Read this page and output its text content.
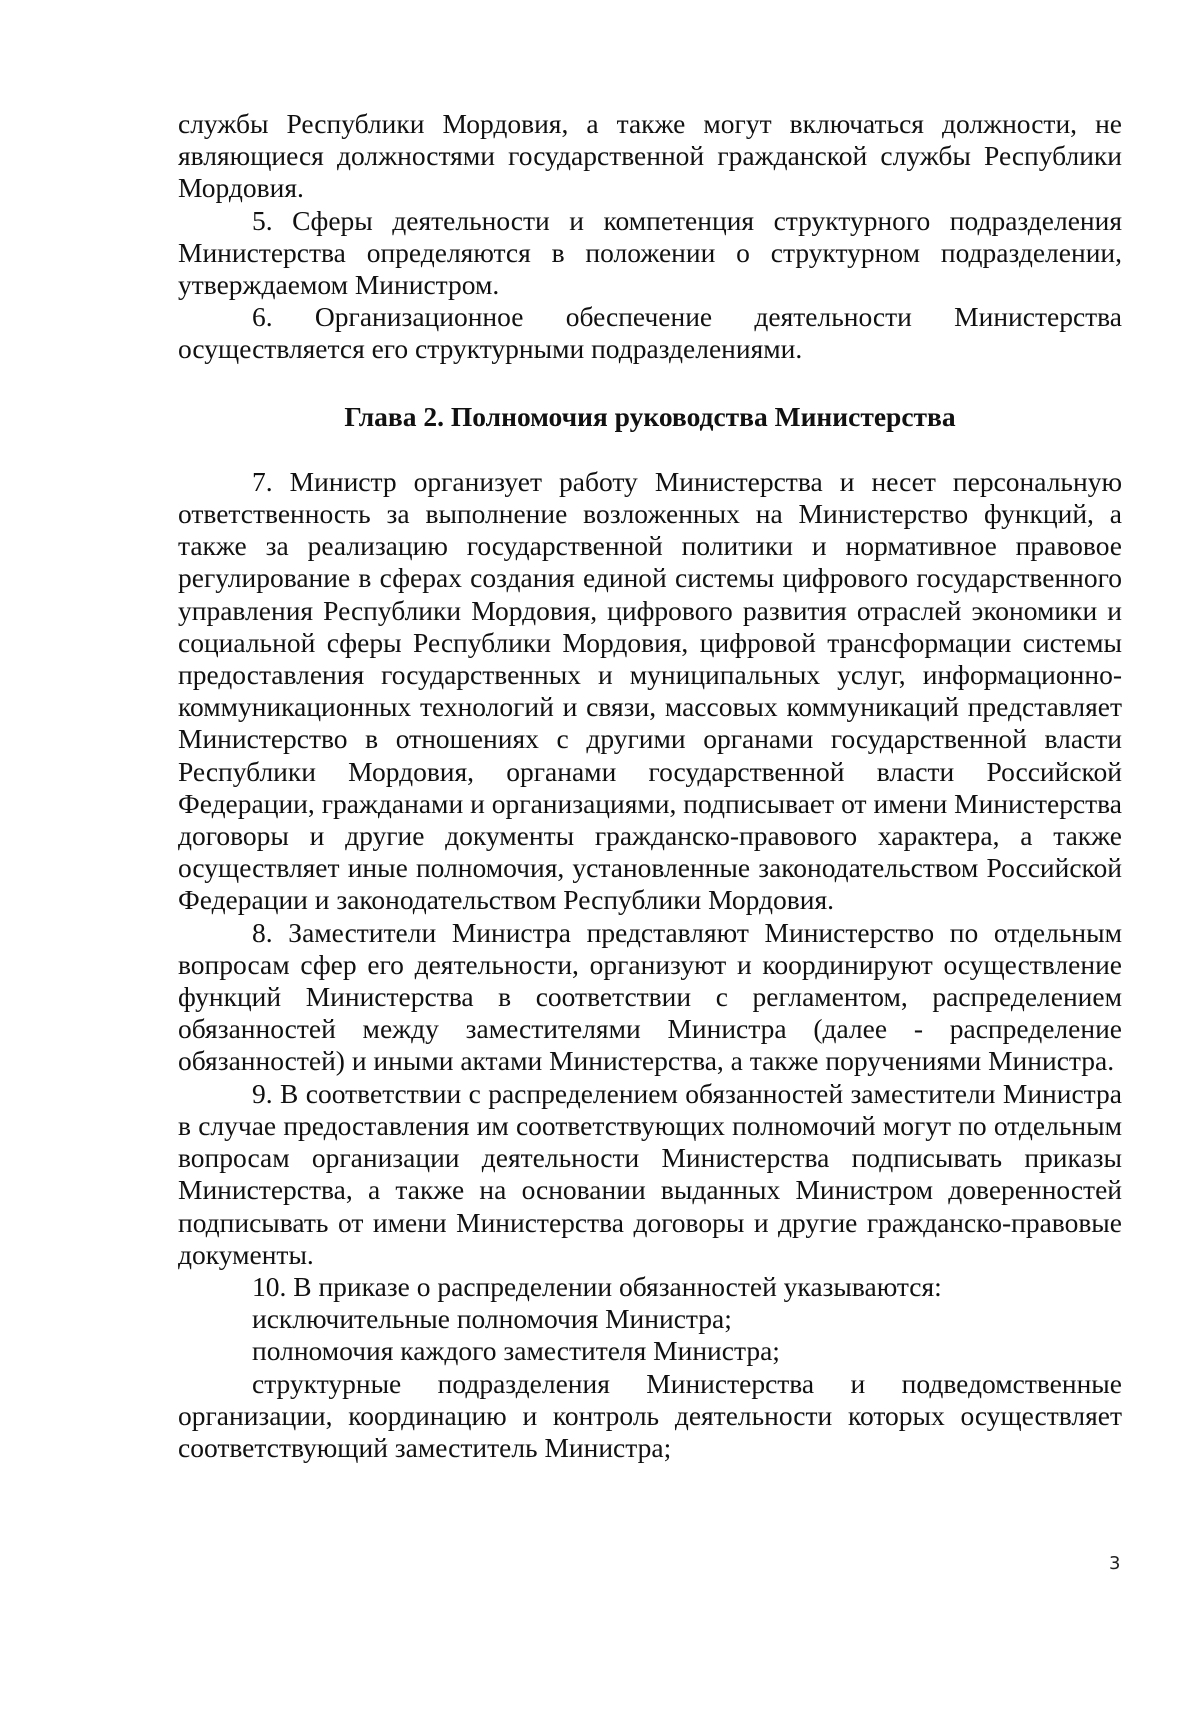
службы Республики Мордовия, а также могут включаться должности, не являющиеся должностями государственной гражданской службы Республики Мордовия.

5. Сферы деятельности и компетенция структурного подразделения Министерства определяются в положении о структурном подразделении, утверждаемом Министром.

6. Организационное обеспечение деятельности Министерства осуществляется его структурными подразделениями.

Глава 2. Полномочия руководства Министерства

7. Министр организует работу Министерства и несет персональную ответственность за выполнение возложенных на Министерство функций, а также за реализацию государственной политики и нормативное правовое регулирование в сферах создания единой системы цифрового государственного управления Республики Мордовия, цифрового развития отраслей экономики и социальной сферы Республики Мордовия, цифровой трансформации системы предоставления государственных и муниципальных услуг, информационно-коммуникационных технологий и связи, массовых коммуникаций представляет Министерство в отношениях с другими органами государственной власти Республики Мордовия, органами государственной власти Российской Федерации, гражданами и организациями, подписывает от имени Министерства договоры и другие документы гражданско-правового характера, а также осуществляет иные полномочия, установленные законодательством Российской Федерации и законодательством Республики Мордовия.

8. Заместители Министра представляют Министерство по отдельным вопросам сфер его деятельности, организуют и координируют осуществление функций Министерства в соответствии с регламентом, распределением обязанностей между заместителями Министра (далее - распределение обязанностей) и иными актами Министерства, а также поручениями Министра.

9. В соответствии с распределением обязанностей заместители Министра в случае предоставления им соответствующих полномочий могут по отдельным вопросам организации деятельности Министерства подписывать приказы Министерства, а также на основании выданных Министром доверенностей подписывать от имени Министерства договоры и другие гражданско-правовые документы.

10. В приказе о распределении обязанностей указываются:

исключительные полномочия Министра;

полномочия каждого заместителя Министра;

структурные подразделения Министерства и подведомственные организации, координацию и контроль деятельности которых осуществляет соответствующий заместитель Министра;

3
